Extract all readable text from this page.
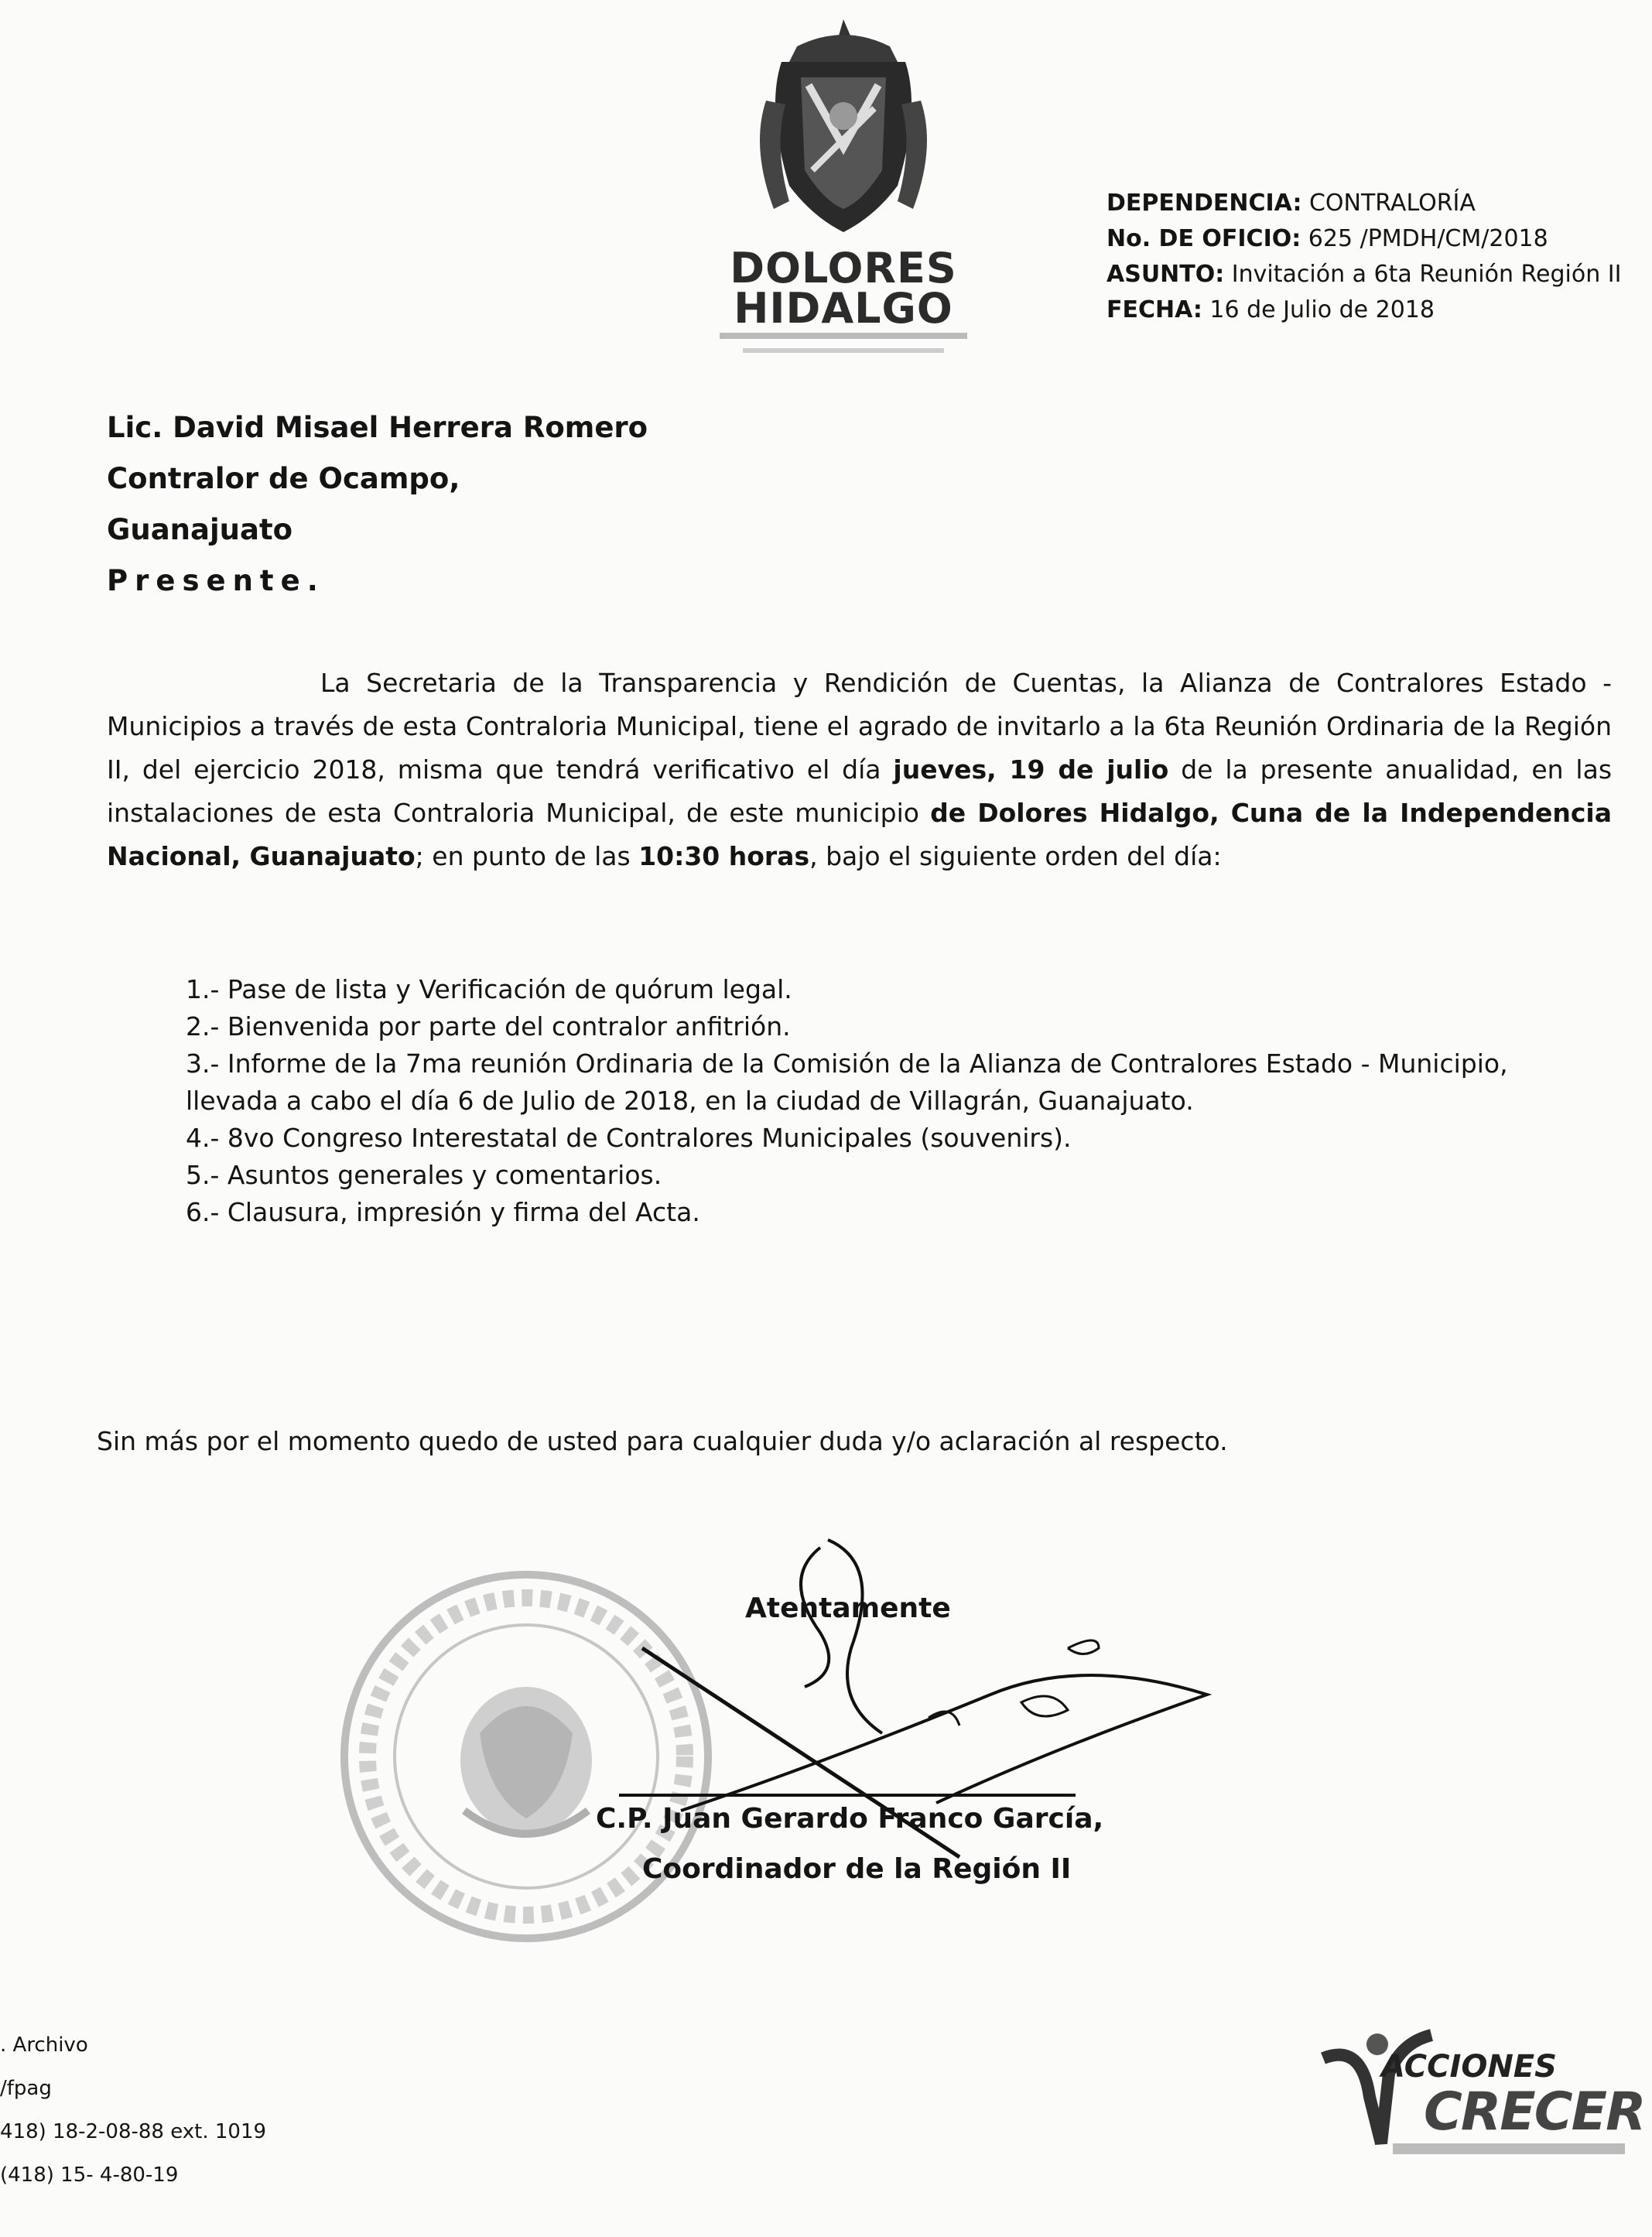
DOLORES
HIDALGO
DEPENDENCIA: CONTRALORÍA
No. DE OFICIO: 625 /PMDH/CM/2018
ASUNTO: Invitación a 6ta Reunión Región II
FECHA: 16 de Julio de 2018
Lic. David Misael Herrera Romero
Contralor de Ocampo,
Guanajuato
Presente.
La Secretaria de la Transparencia y Rendición de Cuentas, la Alianza de Contralores Estado - Municipios a través de esta Contraloria Municipal, tiene el agrado de invitarlo a la 6ta Reunión Ordinaria de la Región II, del ejercicio 2018, misma que tendrá verificativo el día jueves, 19 de julio de la presente anualidad, en las instalaciones de esta Contraloria Municipal, de este municipio de Dolores Hidalgo, Cuna de la Independencia Nacional, Guanajuato; en punto de las 10:30 horas, bajo el siguiente orden del día:
1.- Pase de lista y Verificación de quórum legal.
2.- Bienvenida por parte del contralor anfitrión.
3.- Informe de la 7ma reunión Ordinaria de la Comisión de la Alianza de Contraloreѕ Estado - Municipio,
llevada a cabo el día 6 de Julio de 2018, en la ciudad de Villagrán, Guanajuato.
4.- 8vo Congreso Interestatal de Contralores Municipales (souvenirs).
5.- Asuntos generales y comentarios.
6.- Clausura, impresión y firma del Acta.
Sin más por el momento quedo de usted para cualquier duda y/o aclaración al respecto.
Atentamente
C.P. Juan Gerardo Franco García,
Coordinador de la Región II
. Archivo
/fpag
418) 18-2-08-88 ext. 1019
(418) 15- 4-80-19
ACCIONES
CRECER
